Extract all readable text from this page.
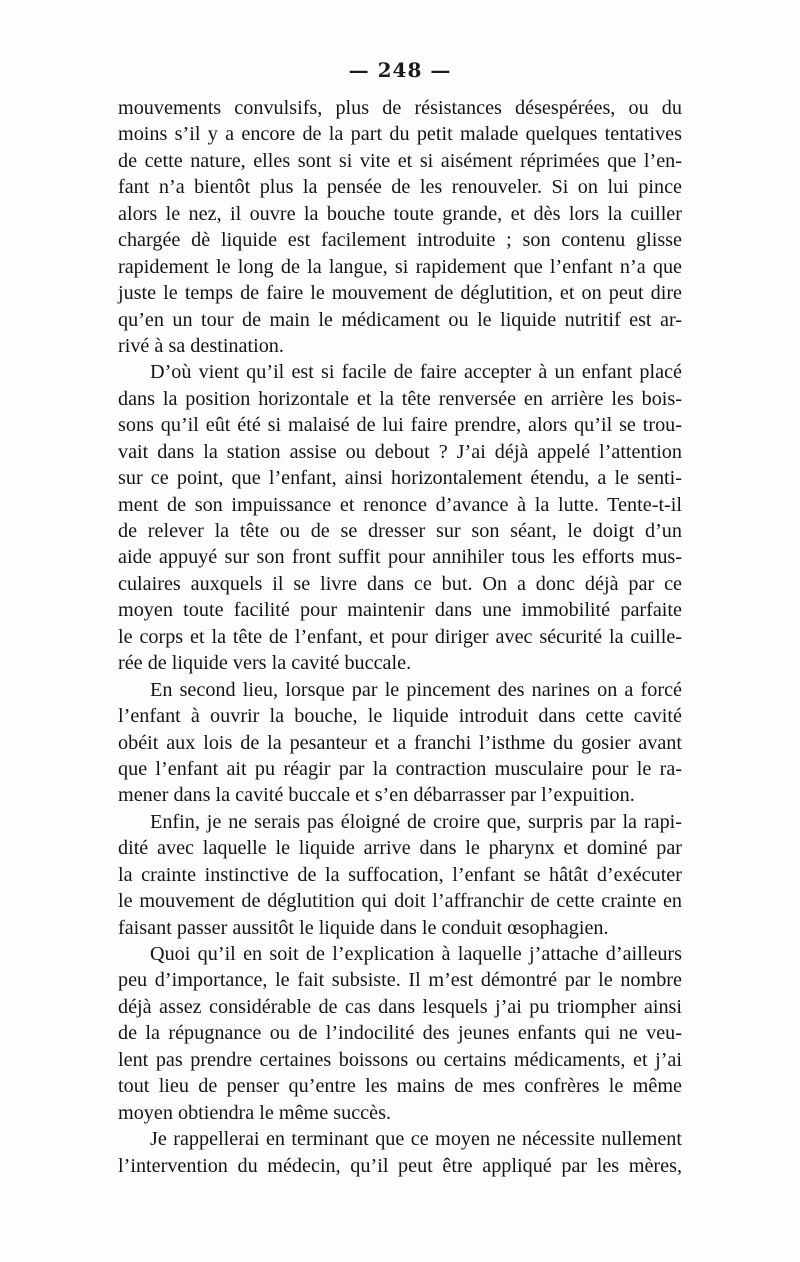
— 248 —
mouvements convulsifs, plus de résistances désespérées, ou du
moins s’il y a encore de la part du petit malade quelques tentatives
de cette nature, elles sont si vite et si aisément réprimées que l’en-
fant n’a bientôt plus la pensée de les renouveler. Si on lui pince
alors le nez, il ouvre la bouche toute grande, et dès lors la cuiller
chargée dè liquide est facilement introduite ; son contenu glisse
rapidement le long de la langue, si rapidement que l’enfant n’a que
juste le temps de faire le mouvement de déglutition, et on peut dire
qu’en un tour de main le médicament ou le liquide nutritif est ar-
rivé à sa destination.
D’où vient qu’il est si facile de faire accepter à un enfant placé
dans la position horizontale et la tête renversée en arrière les bois-
sons qu’il eût été si malaisé de lui faire prendre, alors qu’il se trou-
vait dans la station assise ou debout ? J’ai déjà appelé l’attention
sur ce point, que l’enfant, ainsi horizontalement étendu, a le senti-
ment de son impuissance et renonce d’avance à la lutte. Tente-t-il
de relever la tête ou de se dresser sur son séant, le doigt d’un
aide appuyé sur son front suffit pour annihiler tous les efforts mus-
culaires auxquels il se livre dans ce but. On a donc déjà par ce
moyen toute facilité pour maintenir dans une immobilité parfaite
le corps et la tête de l’enfant, et pour diriger avec sécurité la cuille-
rée de liquide vers la cavité buccale.
En second lieu, lorsque par le pincement des narines on a forcé
l’enfant à ouvrir la bouche, le liquide introduit dans cette cavité
obéit aux lois de la pesanteur et a franchi l’isthme du gosier avant
que l’enfant ait pu réagir par la contraction musculaire pour le ra-
mener dans la cavité buccale et s’en débarrasser par l’expuition.
Enfin, je ne serais pas éloigné de croire que, surpris par la rapi-
dité avec laquelle le liquide arrive dans le pharynx et dominé par
la crainte instinctive de la suffocation, l’enfant se hâtât d’exécuter
le mouvement de déglutition qui doit l’affranchir de cette crainte en
faisant passer aussitôt le liquide dans le conduit œsophagien.
Quoi qu’il en soit de l’explication à laquelle j’attache d’ailleurs
peu d’importance, le fait subsiste. Il m’est démontré par le nombre
déjà assez considérable de cas dans lesquels j’ai pu triompher ainsi
de la répugnance ou de l’indocilité des jeunes enfants qui ne veu-
lent pas prendre certaines boissons ou certains médicaments, et j’ai
tout lieu de penser qu’entre les mains de mes confrères le même
moyen obtiendra le même succès.
Je rappellerai en terminant que ce moyen ne nécessite nullement
l’intervention du médecin, qu’il peut être appliqué par les mères,
